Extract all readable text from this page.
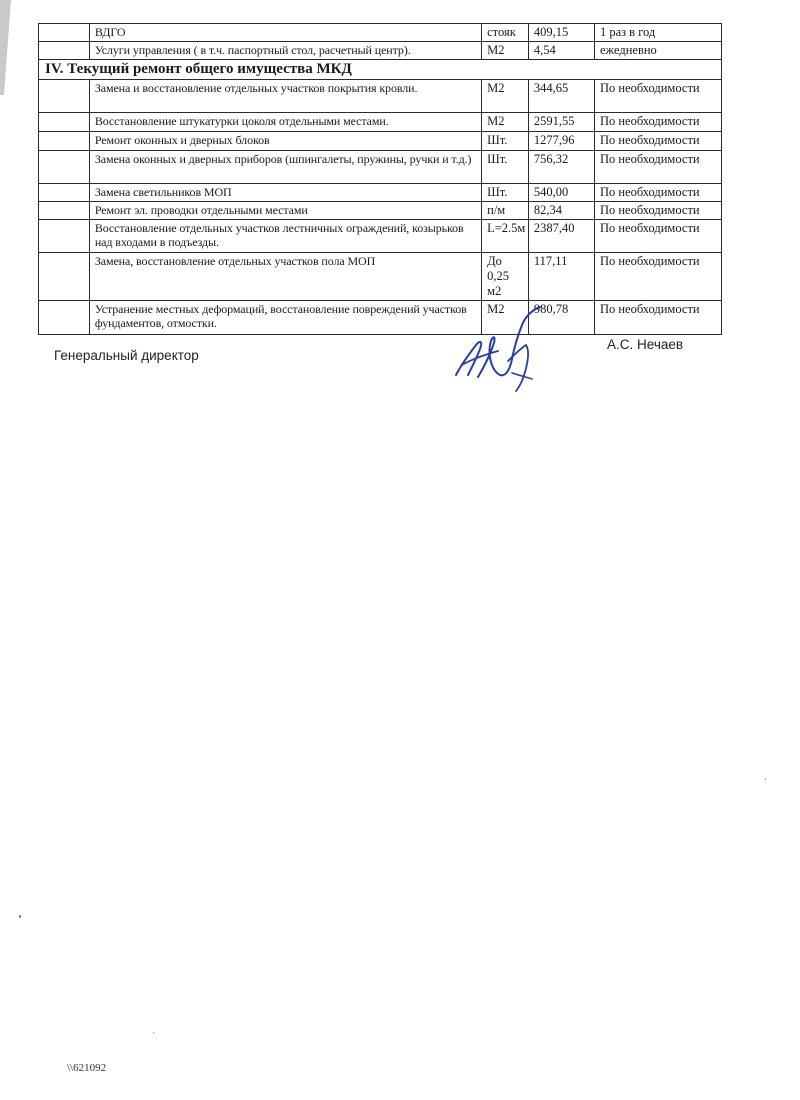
	ВДГО	стояк	409,15	1 раз в год
	Услуги управления ( в т.ч. паспортный стол, расчетный центр).	М2	4,54	ежедневно
IV. Текущий ремонт общего имущества МКД				
	Замена и восстановление отдельных участков покрытия кровли.	М2	344,65	По необходимости
	Восстановление штукатурки цоколя отдельными местами.	М2	2591,55	По необходимости
	Ремонт оконных и дверных блоков	Шт.	1277,96	По необходимости
	Замена оконных и дверных приборов (шпингалеты, пружины, ручки и т.д.)	Шт.	756,32	По необходимости
	Замена светильников МОП	Шт.	540,00	По необходимости
	Ремонт эл. проводки отдельными местами	п/м	82,34	По необходимости
	Восстановление отдельных участков лестничных ограждений, козырьков над входами в подъезды.	L=2.5м	2387,40	По необходимости
	Замена, восстановление отдельных участков пола МОП	До 0,25 м2	117,11	По необходимости
	Устранение местных деформаций, восстановление повреждений участков фундаментов, отмостки.	М2	980,78	По необходимости
Генеральный директор
А.С. Нечаев
\\621092
